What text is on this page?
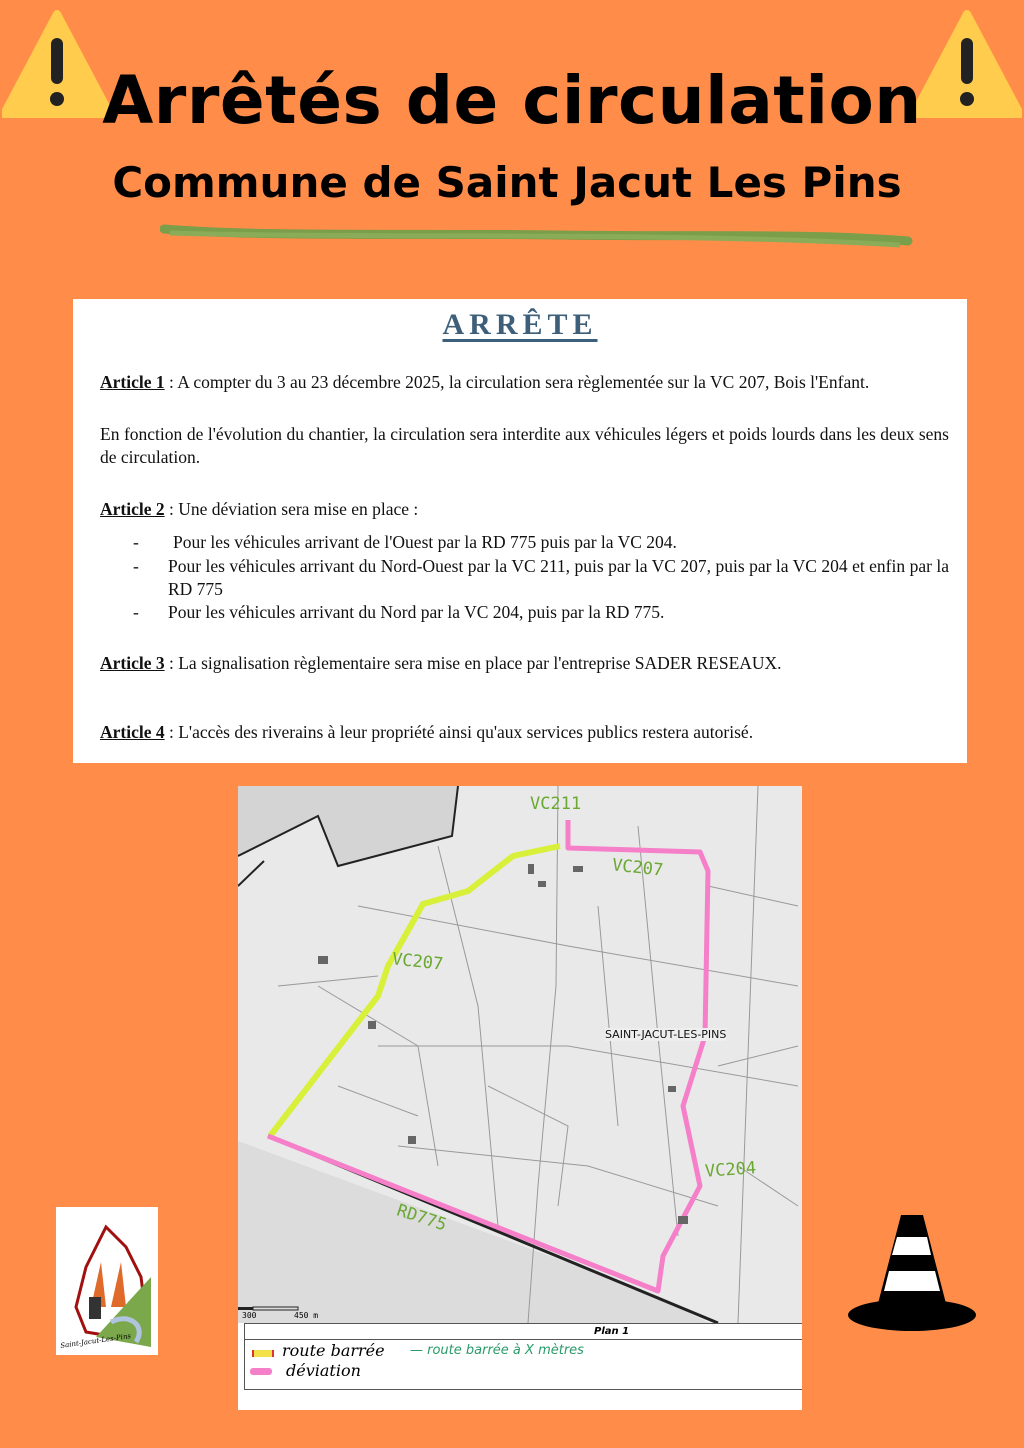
Arrêtés de circulation
Commune de Saint Jacut Les Pins
ARRÊTE
Article 1 : A compter du 3 au 23 décembre 2025, la circulation sera règlementée sur la VC 207, Bois l'Enfant.
En fonction de l'évolution du chantier, la circulation sera interdite aux véhicules légers et poids lourds dans les deux sens de circulation.
Article 2 : Une déviation sera mise en place :
- Pour les véhicules arrivant de l'Ouest par la RD 775 puis par la VC 204.
- Pour les véhicules arrivant du Nord-Ouest par la VC 211, puis par la VC 207, puis par la VC 204 et enfin par la RD 775
- Pour les véhicules arrivant du Nord par la VC 204, puis par la RD 775.
Article 3 : La signalisation règlementaire sera mise en place par l'entreprise SADER RESEAUX.
Article 4 : L'accès des riverains à leur propriété ainsi qu'aux services publics restera autorisé.
VC211
VC207
VC207
VC204
RD775
SAINT-JACUT-LES-PINS
300	450 m
Plan 1
route barrée — route barrée à X mètres
déviation
Saint-Jacut-Les-Pins
